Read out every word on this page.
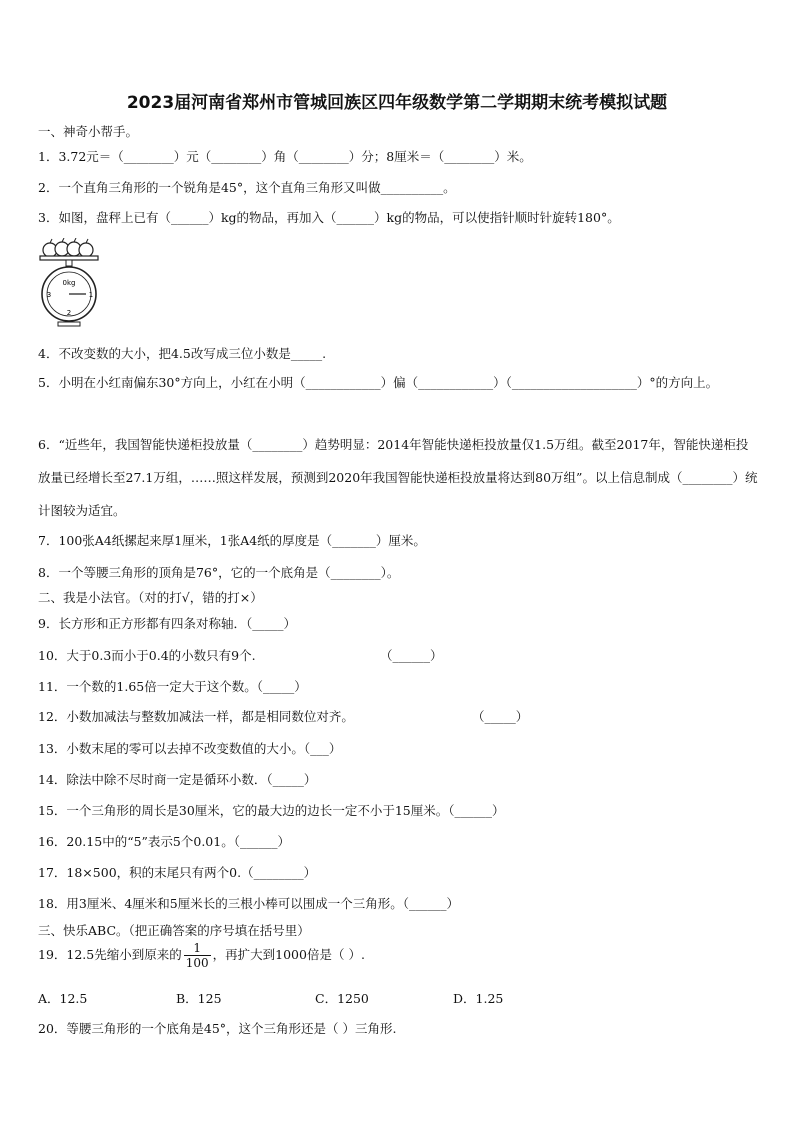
2023届河南省郑州市管城回族区四年级数学第二学期期末统考模拟试题
一、神奇小帮手。
1．3.72元＝（________）元（________）角（________）分；8厘米＝（________）米。
2．一个直角三角形的一个锐角是45°，这个直角三角形又叫做__________。
3．如图，盘秤上已有（______）kg的物品，再加入（______）kg的物品，可以使指针顺时针旋转180°。
0kg
3	1
2
4．不改变数的大小，把4.5改写成三位小数是_____.
5．小明在小红南偏东30°方向上，小红在小明（____________）偏（____________）（____________________）°的方向上。
6．“近些年，我国智能快递柜投放量（________）趋势明显：2014年智能快递柜投放量仅1.5万组。截至2017年，智能快递柜投放量已经增长至27.1万组，……照这样发展，预测到2020年我国智能快递柜投放量将达到80万组”。以上信息制成（________）统计图较为适宜。
7．100张A4纸摞起来厚1厘米，1张A4纸的厚度是（_______）厘米。
8．一个等腰三角形的顶角是76°，它的一个底角是（________）。
二、我是小法官。（对的打√，错的打×）
9．长方形和正方形都有四条对称轴．（_____）
10．大于0.3而小于0.4的小数只有9个.	（______）
11．一个数的1.65倍一定大于这个数。（_____）
12．小数加减法与整数加减法一样，都是相同数位对齐。	（_____）
13．小数末尾的零可以去掉不改变数值的大小。（___）
14．除法中除不尽时商一定是循环小数．（_____）
15．一个三角形的周长是30厘米，它的最大边的边长一定不小于15厘米。（______）
16．20.15中的“5”表示5个0.01。（______）
17．18×500，积的末尾只有两个0.（________）
18．用3厘米、4厘米和5厘米长的三根小棒可以围成一个三角形。（______）
三、快乐ABC。（把正确答案的序号填在括号里）
19．12.5先缩小到原来的 $\frac{1}{100}$ ，再扩大到1000倍是（ ）.
A．12.5	B．125	C．1250	D．1.25
20．等腰三角形的一个底角是45°，这个三角形还是（ ）三角形.
